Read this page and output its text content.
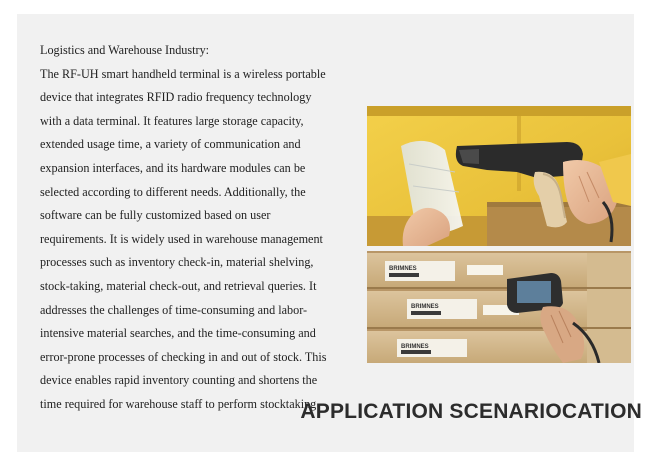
Logistics and Warehouse Industry:
The RF-UH smart handheld terminal is a wireless portable
device that integrates RFID radio frequency technology
with a data terminal. It features large storage capacity,
extended usage time, a variety of communication and
expansion interfaces, and its hardware modules can be
selected according to different needs. Additionally, the
software can be fully customized based on user
requirements. It is widely used in warehouse management
processes such as inventory check-in, material shelving,
stock-taking, material check-out, and retrieval queries. It
addresses the challenges of time-consuming and labor-
intensive material searches, and the time-consuming and
error-prone processes of checking in and out of stock. This
device enables rapid inventory counting and shortens the
time required for warehouse staff to perform stocktaking
BRIMNES
BRIMNES
BRIMNES
APPLICATION SCENARIOCATION
